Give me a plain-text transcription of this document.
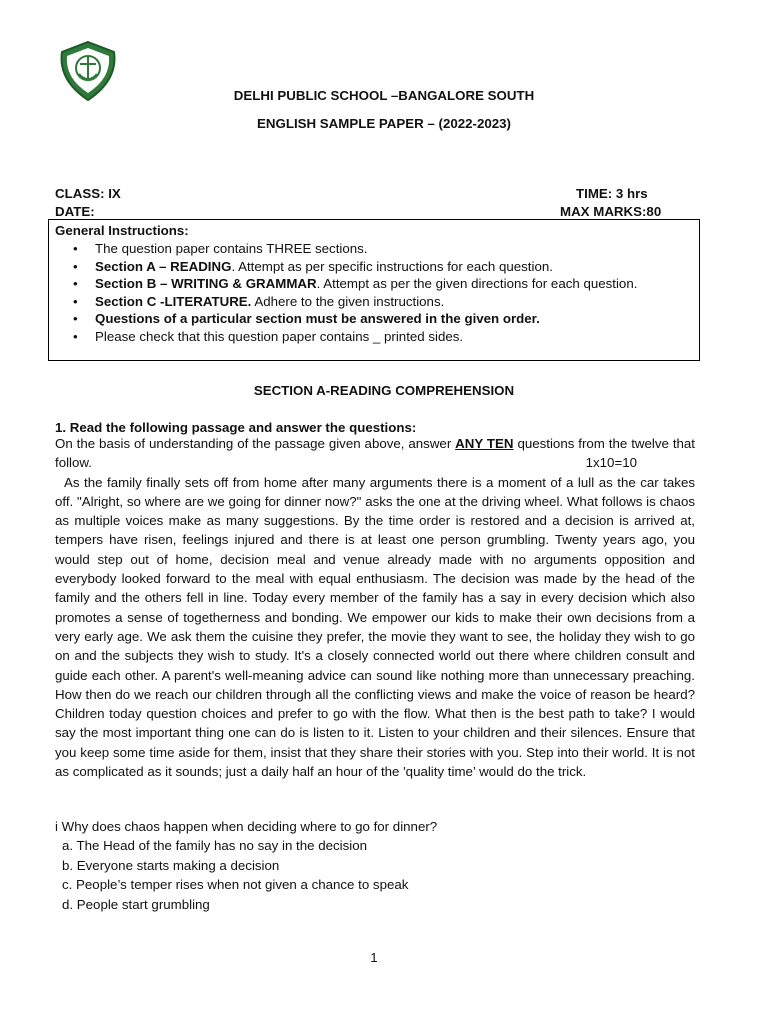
DELHI PUBLIC SCHOOL –BANGALORE SOUTH
ENGLISH SAMPLE PAPER – (2022-2023)
CLASS: IX	TIME: 3 hrs
DATE:	MAX MARKS:80
General Instructions:
• The question paper contains THREE sections.
• Section A – READING. Attempt as per specific instructions for each question.
• Section B – WRITING & GRAMMAR. Attempt as per the given directions for each question.
• Section C -LITERATURE. Adhere to the given instructions.
• Questions of a particular section must be answered in the given order.
• Please check that this question paper contains _ printed sides.
SECTION A-READING COMPREHENSION
1. Read the following passage and answer the questions:

On the basis of understanding of the passage given above, answer ANY TEN questions from the twelve that follow.	1x10=10

As the family finally sets off from home after many arguments there is a moment of a lull as the car takes off. "Alright, so where are we going for dinner now?" asks the one at the driving wheel. What follows is chaos as multiple voices make as many suggestions. By the time order is restored and a decision is arrived at, tempers have risen, feelings injured and there is at least one person grumbling. Twenty years ago, you would step out of home, decision meal and venue already made with no arguments opposition and everybody looked forward to the meal with equal enthusiasm. The decision was made by the head of the family and the others fell in line. Today every member of the family has a say in every decision which also promotes a sense of togetherness and bonding. We empower our kids to make their own decisions from a very early age. We ask them the cuisine they prefer, the movie they want to see, the holiday they wish to go on and the subjects they wish to study. It's a closely connected world out there where children consult and guide each other. A parent's well-meaning advice can sound like nothing more than unnecessary preaching. How then do we reach our children through all the conflicting views and make the voice of reason be heard? Children today question choices and prefer to go with the flow. What then is the best path to take? I would say the most important thing one can do is listen to it. Listen to your children and their silences. Ensure that you keep some time aside for them, insist that they share their stories with you. Step into their world. It is not as complicated as it sounds; just a daily half an hour of the 'quality time’ would do the trick.

i Why does chaos happen when deciding where to go for dinner?
a. The Head of the family has no say in the decision
b. Everyone starts making a decision
c. People’s temper rises when not given a chance to speak
d. People start grumbling
1
